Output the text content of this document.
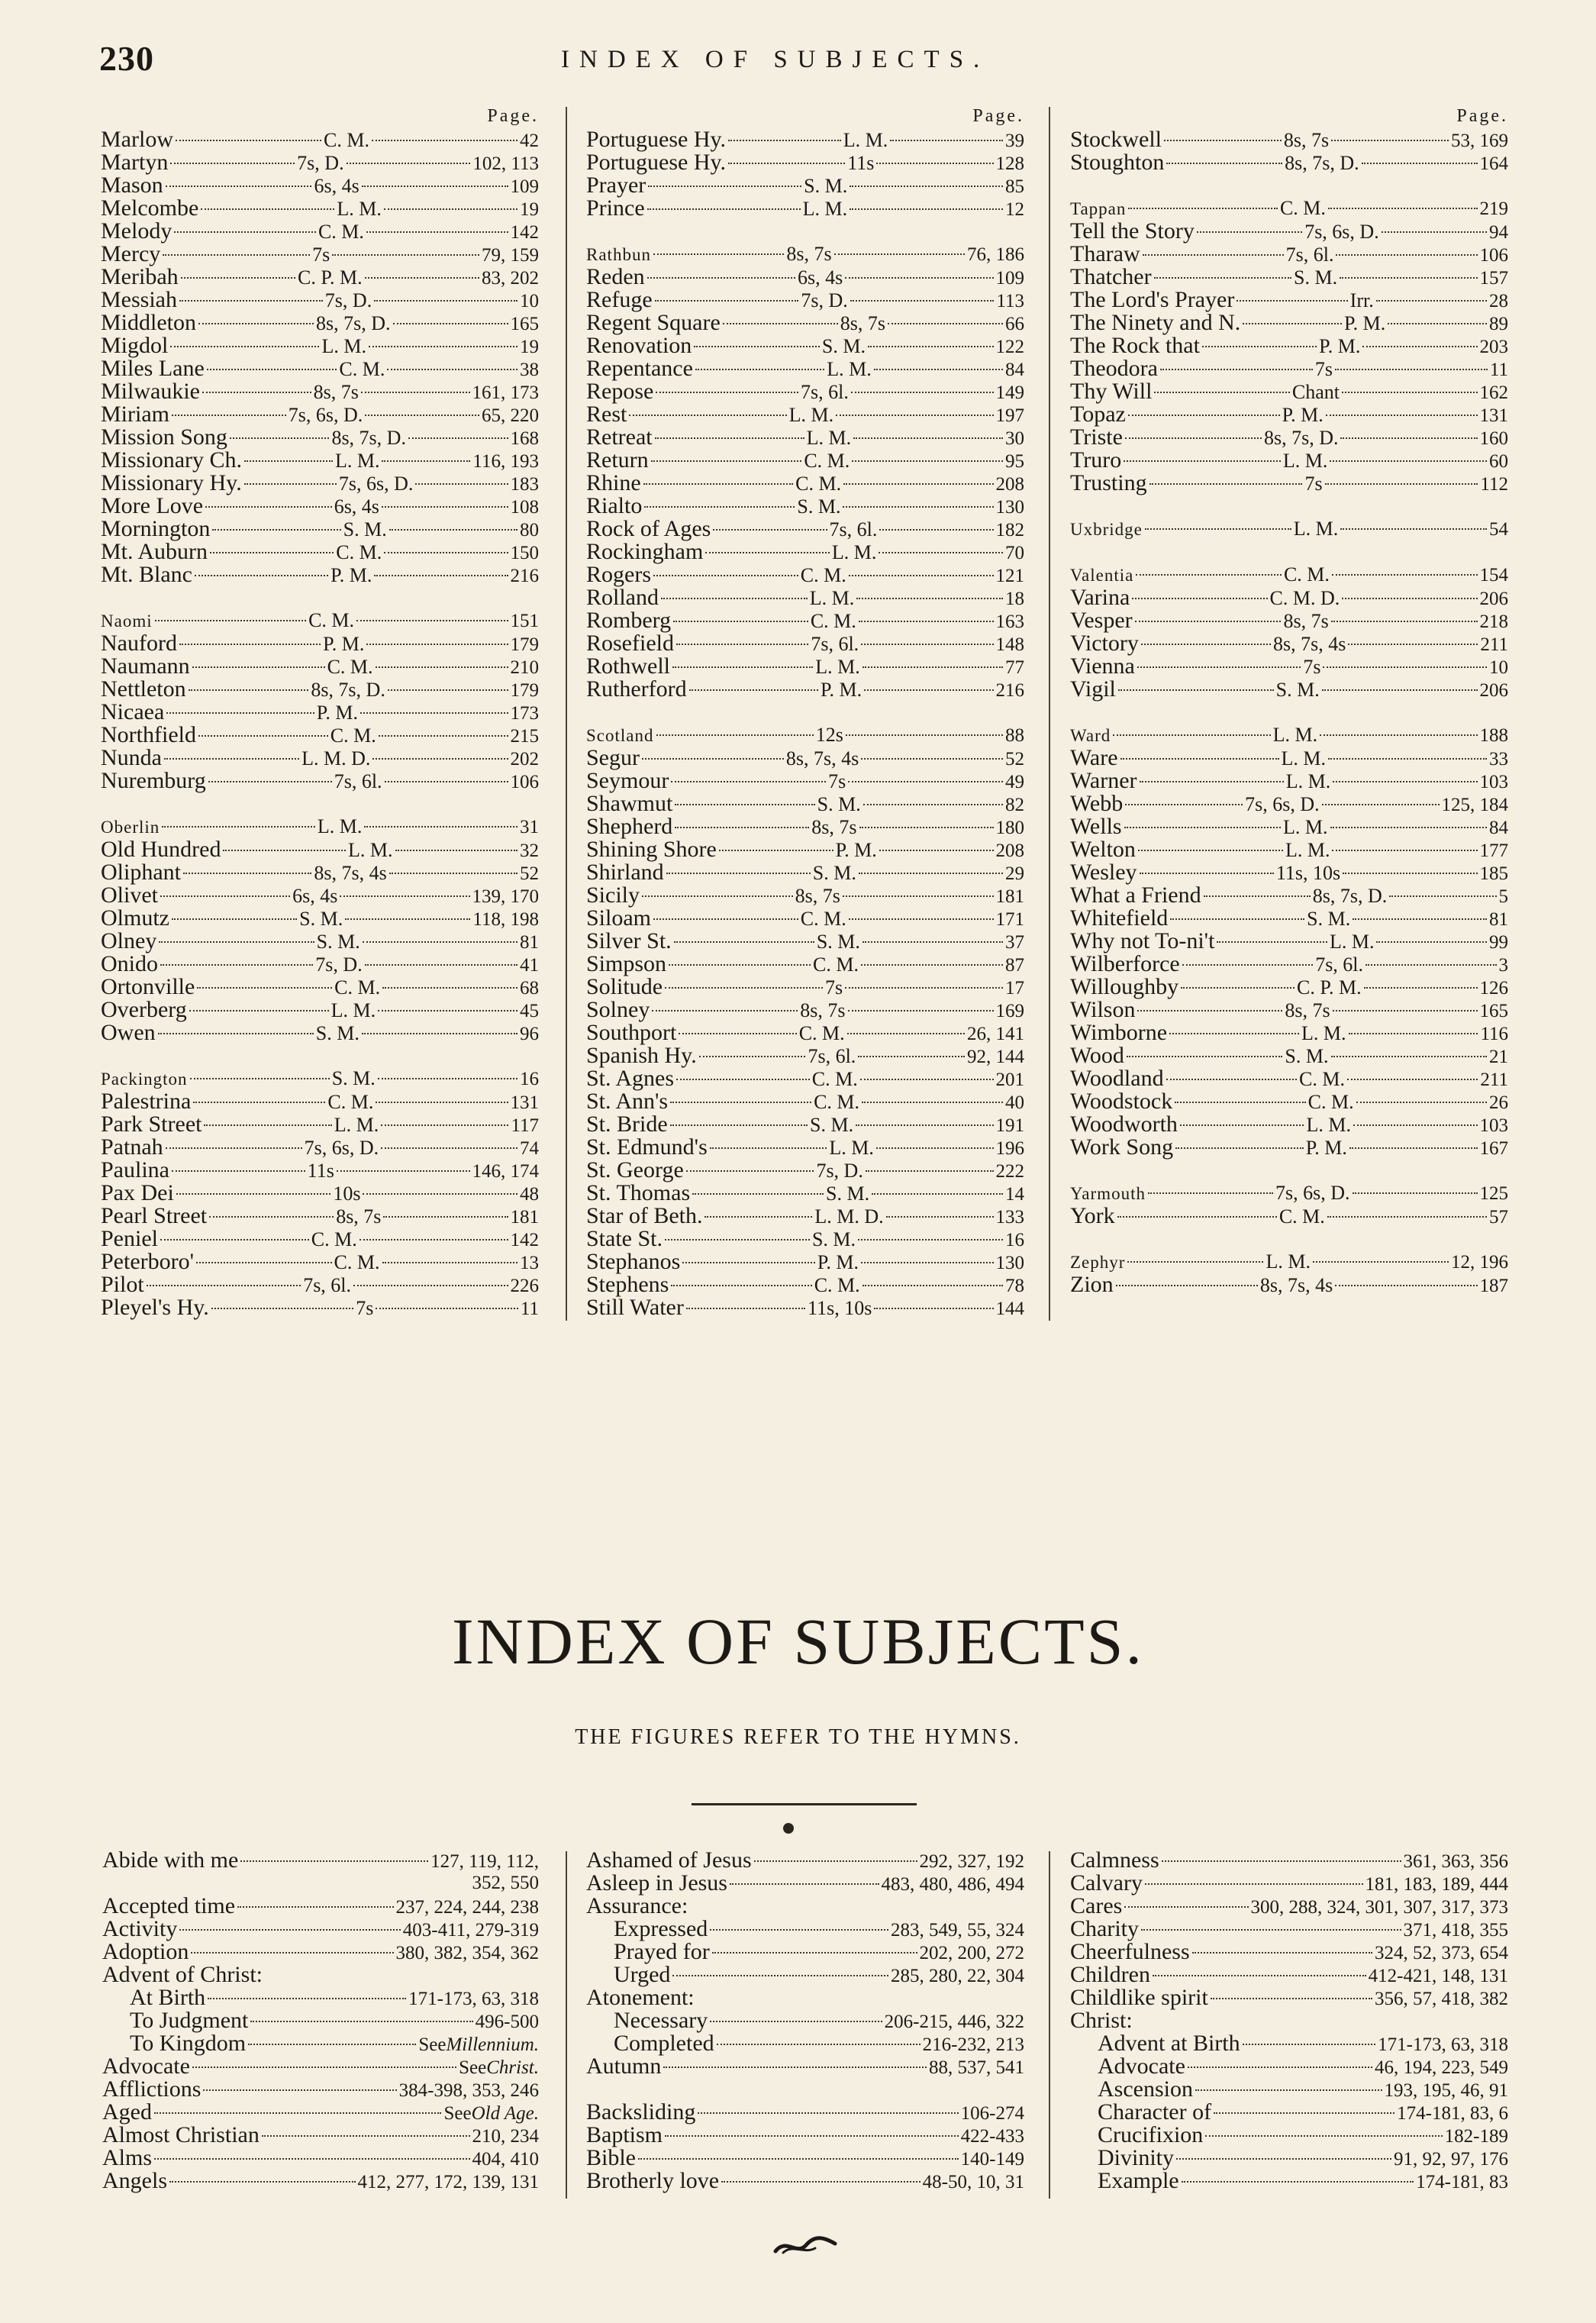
230	INDEX OF SUBJECTS.
Page.
Marlow	C. M.	42
Martyn	7s, D.	102, 113
Mason	6s, 4s	109
Melcombe	L. M.	19
Melody	C. M.	142
Mercy	7s	79, 159
Meribah	C. P. M.	83, 202
Messiah	7s, D.	10
Middleton	8s, 7s, D.	165
Migdol	L. M.	19
Miles Lane	C. M.	38
Milwaukie	8s, 7s	161, 173
Miriam	7s, 6s, D.	65, 220
Mission Song	8s, 7s, D.	168
Missionary Ch.	L. M.	116, 193
Missionary Hy.	7s, 6s, D.	183
More Love	6s, 4s	108
Mornington	S. M.	80
Mt. Auburn	C. M.	150
Mt. Blanc	P. M.	216
Naomi	C. M.	151
Nauford	P. M.	179
Naumann	C. M.	210
Nettleton	8s, 7s, D.	179
Nicaea	P. M.	173
Northfield	C. M.	215
Nunda	L. M. D.	202
Nuremburg	7s, 6l.	106
Oberlin	L. M.	31
Old Hundred	L. M.	32
Oliphant	8s, 7s, 4s	52
Olivet	6s, 4s	139, 170
Olmutz	S. M.	118, 198
Olney	S. M.	81
Onido	7s, D.	41
Ortonville	C. M.	68
Overberg	L. M.	45
Owen	S. M.	96
Packington	S. M.	16
Palestrina	C. M.	131
Park Street	L. M.	117
Patnah	7s, 6s, D.	74
Paulina	11s	146, 174
Pax Dei	10s	48
Pearl Street	8s, 7s	181
Peniel	C. M.	142
Peterboro'	C. M.	13
Pilot	7s, 6l.	226
Pleyel's Hy.	7s	11
Page.
Portuguese Hy.	L. M.	39
Portuguese Hy.	11s	128
Prayer	S. M.	85
Prince	L. M.	12
Rathbun	8s, 7s	76, 186
Reden	6s, 4s	109
Refuge	7s, D.	113
Regent Square	8s, 7s	66
Renovation	S. M.	122
Repentance	L. M.	84
Repose	7s, 6l.	149
Rest	L. M.	197
Retreat	L. M.	30
Return	C. M.	95
Rhine	C. M.	208
Rialto	S. M.	130
Rock of Ages	7s, 6l.	182
Rockingham	L. M.	70
Rogers	C. M.	121
Rolland	L. M.	18
Romberg	C. M.	163
Rosefield	7s, 6l.	148
Rothwell	L. M.	77
Rutherford	P. M.	216
Scotland	12s	88
Segur	8s, 7s, 4s	52
Seymour	7s	49
Shawmut	S. M.	82
Shepherd	8s, 7s	180
Shining Shore	P. M.	208
Shirland	S. M.	29
Sicily	8s, 7s	181
Siloam	C. M.	171
Silver St.	S. M.	37
Simpson	C. M.	87
Solitude	7s	17
Solney	8s, 7s	169
Southport	C. M.	26, 141
Spanish Hy.	7s, 6l.	92, 144
St. Agnes	C. M.	201
St. Ann's	C. M.	40
St. Bride	S. M.	191
St. Edmund's	L. M.	196
St. George	7s, D.	222
St. Thomas	S. M.	14
Star of Beth.	L. M. D.	133
State St.	S. M.	16
Stephanos	P. M.	130
Stephens	C. M.	78
Still Water	11s, 10s	144
Page.
Stockwell	8s, 7s	53, 169
Stoughton	8s, 7s, D.	164
Tappan	C. M.	219
Tell the Story	7s, 6s, D.	94
Tharaw	7s, 6l.	106
Thatcher	S. M.	157
The Lord's Prayer	Irr.	28
The Ninety and N.	P. M.	89
The Rock that	P. M.	203
Theodora	7s	11
Thy Will	Chant	162
Topaz	P. M.	131
Triste	8s, 7s, D.	160
Truro	L. M.	60
Trusting	7s	112
Uxbridge	L. M.	54
Valentia	C. M.	154
Varina	C. M. D.	206
Vesper	8s, 7s	218
Victory	8s, 7s, 4s	211
Vienna	7s	10
Vigil	S. M.	206
Ward	L. M.	188
Ware	L. M.	33
Warner	L. M.	103
Webb	7s, 6s, D.	125, 184
Wells	L. M.	84
Welton	L. M.	177
Wesley	11s, 10s	185
What a Friend	8s, 7s, D.	5
Whitefield	S. M.	81
Why not To-ni't	L. M.	99
Wilberforce	7s, 6l.	3
Willoughby	C. P. M.	126
Wilson	8s, 7s	165
Wimborne	L. M.	116
Wood	S. M.	21
Woodland	C. M.	211
Woodstock	C. M.	26
Woodworth	L. M.	103
Work Song	P. M.	167
Yarmouth	7s, 6s, D.	125
York	C. M.	57
Zephyr	L. M.	12, 196
Zion	8s, 7s, 4s	187
INDEX OF SUBJECTS.
THE FIGURES REFER TO THE HYMNS.
Abide with me	127, 119, 112,
352, 550
Accepted time	237, 224, 244, 238
Activity	403-411, 279-319
Adoption	380, 382, 354, 362
Advent of Christ:
At Birth	171-173, 63, 318
To Judgment	496-500
To Kingdom	See Millennium.
Advocate	See Christ.
Afflictions	384-398, 353, 246
Aged	See Old Age.
Almost Christian	210, 234
Alms	404, 410
Angels	412, 277, 172, 139, 131
Ashamed of Jesus	292, 327, 192
Asleep in Jesus	483, 480, 486, 494
Assurance:
Expressed	283, 549, 55, 324
Prayed for	202, 200, 272
Urged	285, 280, 22, 304
Atonement:
Necessary	206-215, 446, 322
Completed	216-232, 213
Autumn	88, 537, 541
Backsliding	106-274
Baptism	422-433
Bible	140-149
Brotherly love	48-50, 10, 31
Calmness	361, 363, 356
Calvary	181, 183, 189, 444
Cares	300, 288, 324, 301, 307, 317, 373
Charity	371, 418, 355
Cheerfulness	324, 52, 373, 654
Children	412-421, 148, 131
Childlike spirit	356, 57, 418, 382
Christ:
Advent at Birth	171-173, 63, 318
Advocate	46, 194, 223, 549
Ascension	193, 195, 46, 91
Character of	174-181, 83, 6
Crucifixion	182-189
Divinity	91, 92, 97, 176
Example	174-181, 83
